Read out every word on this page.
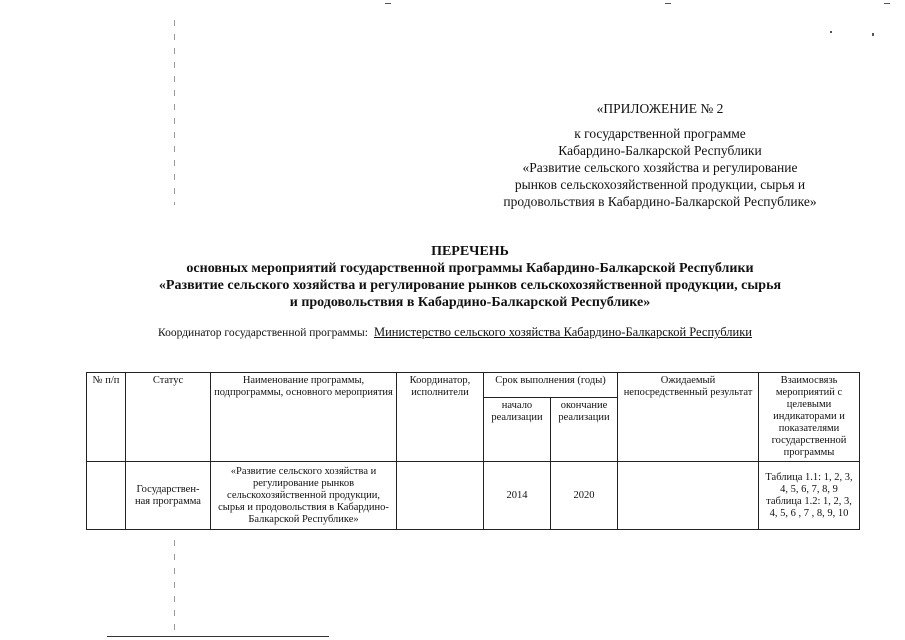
«ПРИЛОЖЕНИЕ № 2
к государственной программе
Кабардино-Балкарской Республики
«Развитие сельского хозяйства и регулирование
рынков сельскохозяйственной продукции, сырья и
продовольствия в Кабардино-Балкарской Республике»
ПЕРЕЧЕНЬ
основных мероприятий государственной программы Кабардино-Балкарской Республики
«Развитие сельского хозяйства и регулирование рынков сельскохозяйственной продукции, сырья
и продовольствия в Кабардино-Балкарской Республике»
Координатор государственной программы: Министерство сельского хозяйства Кабардино-Балкарской Республики
№ п/п	Статус	Наименование программы, подпрограммы, основного мероприятия	Координатор, исполнители	Срок выполнения (годы)		Ожидаемый непосредственный результат	Взаимосвязь мероприятий с целевыми индикаторами и показателями государственной программы
				начало реализации	окончание реализации		
	Государствен-ная программа	«Развитие сельского хозяйства и регулирование рынков сельскохозяйственной продукции, сырья и продовольствия в Кабардино-Балкарской Республике»		2014	2020		Таблица 1.1: 1, 2, 3, 4, 5, 6, 7, 8, 9 таблица 1.2: 1, 2, 3, 4, 5, 6 , 7 , 8, 9, 10
